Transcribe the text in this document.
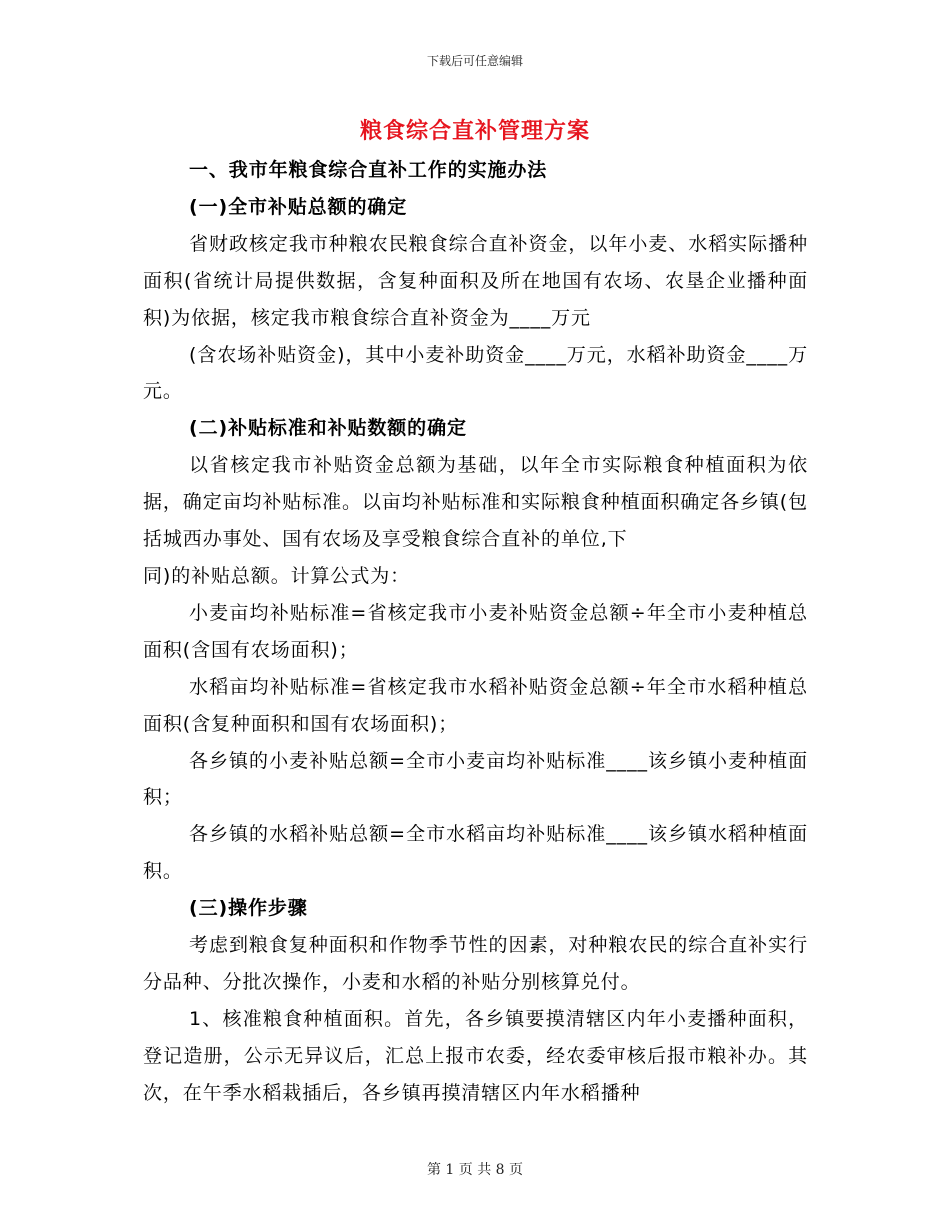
下载后可任意编辑
粮食综合直补管理方案

一、我市年粮食综合直补工作的实施办法

(一)全市补贴总额的确定

省财政核定我市种粮农民粮食综合直补资金，以年小麦、水稻实际播种面积(省统计局提供数据，含复种面积及所在地国有农场、农垦企业播种面积)为依据，核定我市粮食综合直补资金为____万元

(含农场补贴资金)，其中小麦补助资金____万元，水稻补助资金____万元。

(二)补贴标准和补贴数额的确定

以省核定我市补贴资金总额为基础，以年全市实际粮食种植面积为依据，确定亩均补贴标准。以亩均补贴标准和实际粮食种植面积确定各乡镇(包括城西办事处、国有农场及享受粮食综合直补的单位,下

同)的补贴总额。计算公式为：

小麦亩均补贴标准=省核定我市小麦补贴资金总额÷年全市小麦种植总面积(含国有农场面积)；

水稻亩均补贴标准=省核定我市水稻补贴资金总额÷年全市水稻种植总面积(含复种面积和国有农场面积)；

各乡镇的小麦补贴总额=全市小麦亩均补贴标准____该乡镇小麦种植面积；

各乡镇的水稻补贴总额=全市水稻亩均补贴标准____该乡镇水稻种植面积。

(三)操作步骤

考虑到粮食复种面积和作物季节性的因素，对种粮农民的综合直补实行分品种、分批次操作，小麦和水稻的补贴分别核算兑付。

1、核准粮食种植面积。首先，各乡镇要摸清辖区内年小麦播种面积，登记造册，公示无异议后，汇总上报市农委，经农委审核后报市粮补办。其次，在午季水稻栽插后，各乡镇再摸清辖区内年水稻播种

第 1 页 共 8 页
